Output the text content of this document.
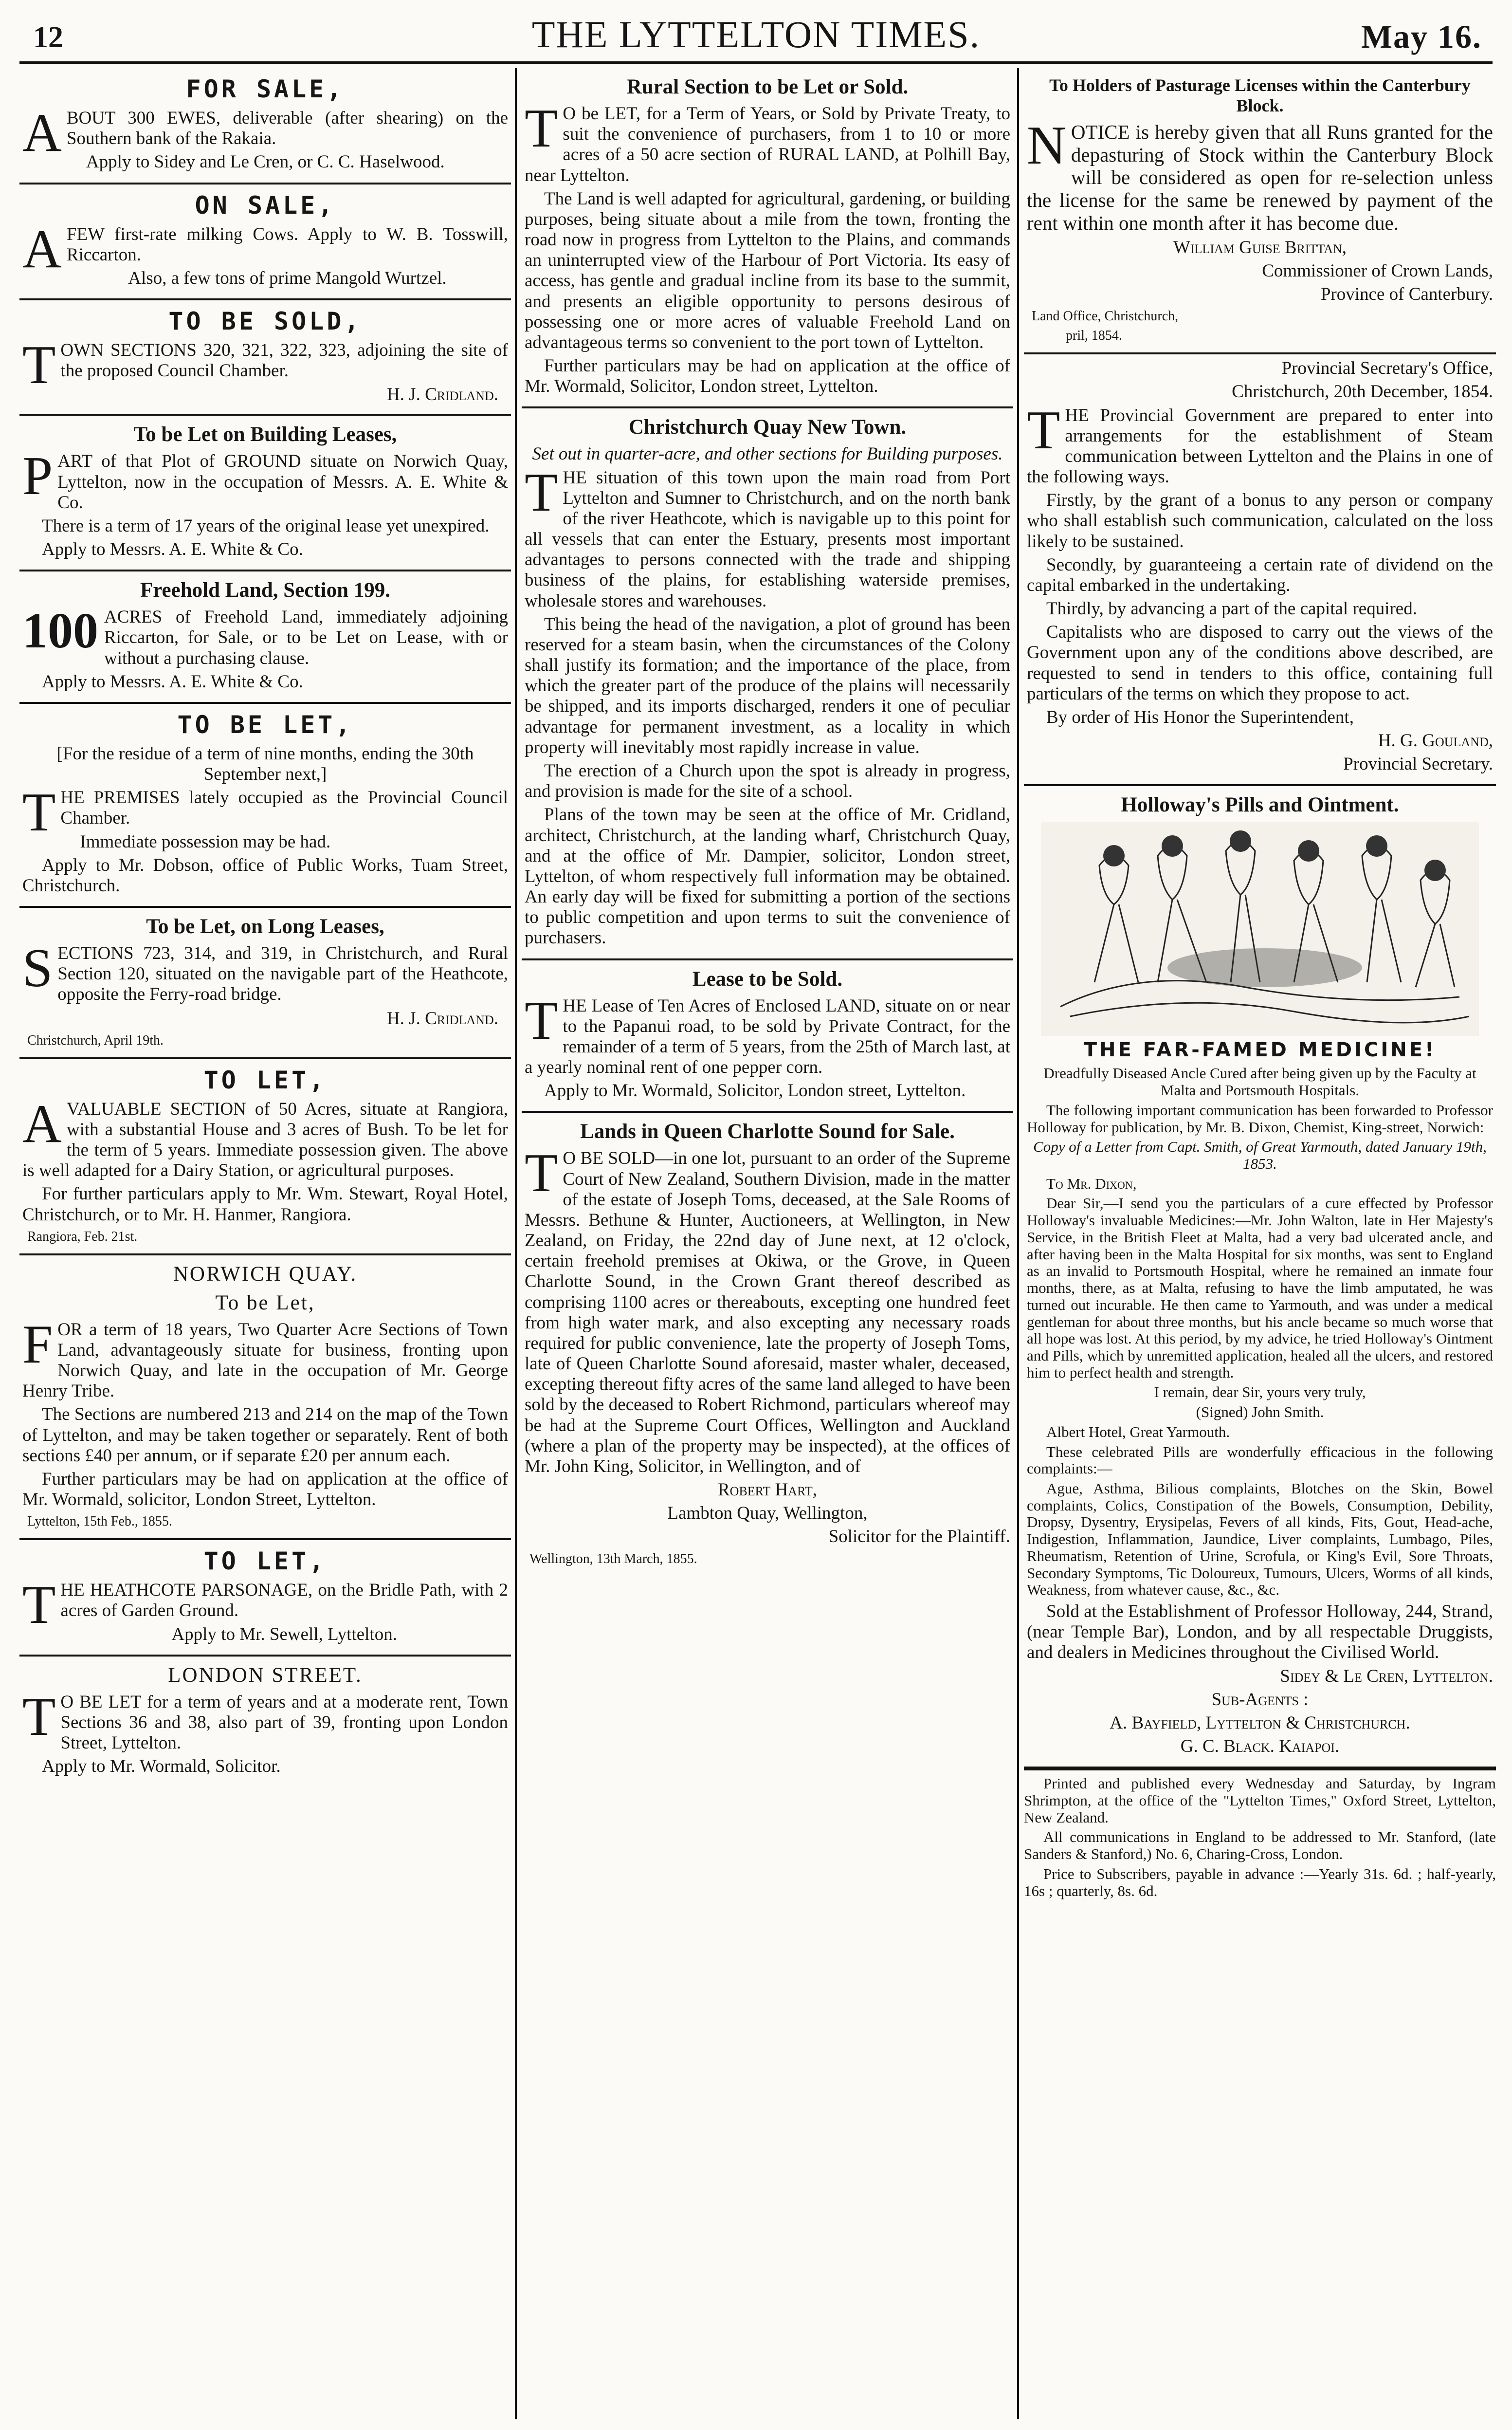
12	THE LYTTELTON TIMES.	May 16.
FOR SALE,

ABOUT 300 EWES, deliverable (after shearing) on the Southern bank of the Rakaia.

Apply to Sidey and Le Cren, or C. C. Haselwood.

ON SALE,

AFEW first-rate milking Cows. Apply to W. B. Tosswill, Riccarton.

Also, a few tons of prime Mangold Wurtzel.

TO BE SOLD,

TOWN SECTIONS 320, 321, 322, 323, adjoining the site of the proposed Council Chamber.

H. J. Cridland.
To be Let on Building Leases,

PART of that Plot of GROUND situate on Norwich Quay, Lyttelton, now in the occupation of Messrs. A. E. White & Co.

There is a term of 17 years of the original lease yet unexpired.

Apply to Messrs. A. E. White & Co.

Freehold Land, Section 199.

100 ACRES of Freehold Land, immediately adjoining Riccarton, for Sale, or to be Let on Lease, with or without a purchasing clause.

Apply to Messrs. A. E. White & Co.

TO BE LET,

[For the residue of a term of nine months, ending the 30th September next,]

THE PREMISES lately occupied as the Provincial Council Chamber.

Immediate possession may be had.

Apply to Mr. Dobson, office of Public Works, Tuam Street, Christchurch.

To be Let, on Long Leases,

SECTIONS 723, 314, and 319, in Christchurch, and Rural Section 120, situated on the navigable part of the Heathcote, opposite the Ferry-road bridge.

H. J. Cridland.
Christchurch, April 19th.
TO LET,

AVALUABLE SECTION of 50 Acres, situate at Rangiora, with a substantial House and 3 acres of Bush. To be let for the term of 5 years. Immediate possession given. The above is well adapted for a Dairy Station, or agricultural purposes.

For further particulars apply to Mr. Wm. Stewart, Royal Hotel, Christchurch, or to Mr. H. Hanmer, Rangiora.

Rangiora, Feb. 21st.
NORWICH QUAY.
To be Let,

FOR a term of 18 years, Two Quarter Acre Sections of Town Land, advantageously situate for business, fronting upon Norwich Quay, and late in the occupation of Mr. George Henry Tribe.

The Sections are numbered 213 and 214 on the map of the Town of Lyttelton, and may be taken together or separately. Rent of both sections £40 per annum, or if separate £20 per annum each.

Further particulars may be had on application at the office of Mr. Wormald, solicitor, London Street, Lyttelton.

Lyttelton, 15th Feb., 1855.
TO LET,

THE HEATHCOTE PARSONAGE, on the Bridle Path, with 2 acres of Garden Ground.

Apply to Mr. Sewell, Lyttelton.

LONDON STREET.

T O BE LET for a term of years and at a moderate rent, Town Sections 36 and 38, also part of 39, fronting upon London Street, Lyttelton.

Apply to Mr. Wormald, Solicitor.

Rural Section to be Let or Sold.

T O be LET, for a Term of Years, or Sold by Private Treaty, to suit the convenience of purchasers, from 1 to 10 or more acres of a 50 acre section of RURAL LAND, at Polhill Bay, near Lyttelton.

The Land is well adapted for agricultural, gardening, or building purposes, being situate about a mile from the town, fronting the road now in progress from Lyttelton to the Plains, and commands an uninterrupted view of the Harbour of Port Victoria. Its easy of access, has gentle and gradual incline from its base to the summit, and presents an eligible opportunity to persons desirous of possessing one or more acres of valuable Freehold Land on advantageous terms so convenient to the port town of Lyttelton.

Further particulars may be had on application at the office of Mr. Wormald, Solicitor, London street, Lyttelton.

Christchurch Quay New Town.

Set out in quarter-acre, and other sections for Building purposes.

THE situation of this town upon the main road from Port Lyttelton and Sumner to Christchurch, and on the north bank of the river Heathcote, which is navigable up to this point for all vessels that can enter the Estuary, presents most important advantages to persons connected with the trade and shipping business of the plains, for establishing waterside premises, wholesale stores and warehouses.

This being the head of the navigation, a plot of ground has been reserved for a steam basin, when the circumstances of the Colony shall justify its formation; and the importance of the place, from which the greater part of the produce of the plains will necessarily be shipped, and its imports discharged, renders it one of peculiar advantage for permanent investment, as a locality in which property will inevitably most rapidly increase in value.

The erection of a Church upon the spot is already in progress, and provision is made for the site of a school.

Plans of the town may be seen at the office of Mr. Cridland, architect, Christchurch, at the landing wharf, Christchurch Quay, and at the office of Mr. Dampier, solicitor, London street, Lyttelton, of whom respectively full information may be obtained. An early day will be fixed for submitting a portion of the sections to public competition and upon terms to suit the convenience of purchasers.

Lease to be Sold.

THE Lease of Ten Acres of Enclosed LAND, situate on or near to the Papanui road, to be sold by Private Contract, for the remainder of a term of 5 years, from the 25th of March last, at a yearly nominal rent of one pepper corn.

Apply to Mr. Wormald, Solicitor, London street, Lyttelton.

Lands in Queen Charlotte Sound for Sale.

T O BE SOLD—in one lot, pursuant to an order of the Supreme Court of New Zealand, Southern Division, made in the matter of the estate of Joseph Toms, deceased, at the Sale Rooms of Messrs. Bethune & Hunter, Auctioneers, at Wellington, in New Zealand, on Friday, the 22nd day of June next, at 12 o'clock, certain freehold premises at Okiwa, or the Grove, in Queen Charlotte Sound, in the Crown Grant thereof described as comprising 1100 acres or thereabouts, excepting one hundred feet from high water mark, and also excepting any necessary roads required for public convenience, late the property of Joseph Toms, late of Queen Charlotte Sound aforesaid, master whaler, deceased, excepting thereout fifty acres of the same land alleged to have been sold by the deceased to Robert Richmond, particulars whereof may be had at the Supreme Court Offices, Wellington and Auckland (where a plan of the property may be inspected), at the offices of Mr. John King, Solicitor, in Wellington, and of

Robert Hart,

Lambton Quay, Wellington,

Solicitor for the Plaintiff.

Wellington, 13th March, 1855.
To Holders of Pasturage Licenses within the Canterbury Block.

NOTICE is hereby given that all Runs granted for the depasturing of Stock within the Canterbury Block will be considered as open for re-selection unless the license for the same be renewed by payment of the rent within one month after it has become due.

William Guise Brittan,

Commissioner of Crown Lands,

Province of Canterbury.

Land Office, Christchurch,
pril, 1854.

Provincial Secretary's Office,

Christchurch, 20th December, 1854.

THE Provincial Government are prepared to enter into arrangements for the establishment of Steam communication between Lyttelton and the Plains in one of the following ways.

Firstly, by the grant of a bonus to any person or company who shall establish such communication, calculated on the loss likely to be sustained.

Secondly, by guaranteeing a certain rate of dividend on the capital embarked in the undertaking.

Thirdly, by advancing a part of the capital required.

Capitalists who are disposed to carry out the views of the Government upon any of the conditions above described, are requested to send in tenders to this office, containing full particulars of the terms on which they propose to act.

By order of His Honor the Superintendent,

H. G. Gouland,

Provincial Secretary.

Holloway's Pills and Ointment.
THE FAR-FAMED MEDICINE!

Dreadfully Diseased Ancle Cured after being given up by the Faculty at Malta and Portsmouth Hospitals.

The following important communication has been forwarded to Professor Holloway for publication, by Mr. B. Dixon, Chemist, King-street, Norwich:

Copy of a Letter from Capt. Smith, of Great Yarmouth, dated January 19th, 1853.

To Mr. Dixon,

Dear Sir,—I send you the particulars of a cure effected by Professor Holloway's invaluable Medicines:—Mr. John Walton, late in Her Majesty's Service, in the British Fleet at Malta, had a very bad ulcerated ancle, and after having been in the Malta Hospital for six months, was sent to England as an invalid to Portsmouth Hospital, where he remained an inmate four months, there, as at Malta, refusing to have the limb amputated, he was turned out incurable. He then came to Yarmouth, and was under a medical gentleman for about three months, but his ancle became so much worse that all hope was lost. At this period, by my advice, he tried Holloway's Ointment and Pills, which by unremitted application, healed all the ulcers, and restored him to perfect health and strength.

I remain, dear Sir, yours very truly,

(Signed) John Smith.

Albert Hotel, Great Yarmouth.

These celebrated Pills are wonderfully efficacious in the following complaints:—

Ague, Asthma, Bilious complaints, Blotches on the Skin, Bowel complaints, Colics, Constipation of the Bowels, Consumption, Debility, Dropsy, Dysentry, Erysipelas, Fevers of all kinds, Fits, Gout, Head-ache, Indigestion, Inflammation, Jaundice, Liver complaints, Lumbago, Piles, Rheumatism, Retention of Urine, Scrofula, or King's Evil, Sore Throats, Secondary Symptoms, Tic Doloureux, Tumours, Ulcers, Worms of all kinds, Weakness, from whatever cause, &c., &c.

Sold at the Establishment of Professor Holloway, 244, Strand, (near Temple Bar), London, and by all respectable Druggists, and dealers in Medicines throughout the Civilised World.

Sidey & Le Cren, Lyttelton.

Sub-Agents :

A. Bayfield, Lyttelton & Christchurch.

G. C. Black. Kaiapoi.

Printed and published every Wednesday and Saturday, by Ingram Shrimpton, at the office of the "Lyttelton Times," Oxford Street, Lyttelton, New Zealand.

All communications in England to be addressed to Mr. Stanford, (late Sanders & Stanford,) No. 6, Charing-Cross, London.

Price to Subscribers, payable in advance :—Yearly 31s. 6d. ; half-yearly, 16s ; quarterly, 8s. 6d.
